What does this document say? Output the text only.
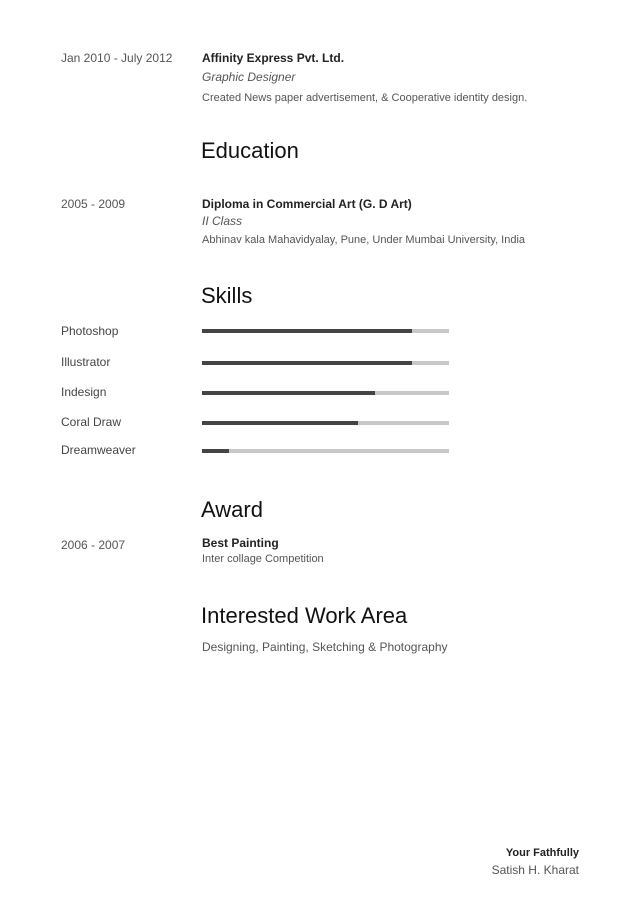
Jan 2010 - July 2012 Affinity Express Pvt. Ltd.
Graphic Designer
Created News paper advertisement, & Cooperative identity design.
Education
2005 - 2009	Diploma in Commercial Art (G. D Art)
II Class
Abhinav kala Mahavidyalay, Pune, Under Mumbai University, India
Skills
Photoshop
Illustrator
Indesign
Coral Draw
Dreamweaver
Award
2006 - 2007	Best Painting
Inter collage Competition
Interested Work Area
Designing, Painting, Sketching & Photography
Your Fathfully
Satish H. Kharat
